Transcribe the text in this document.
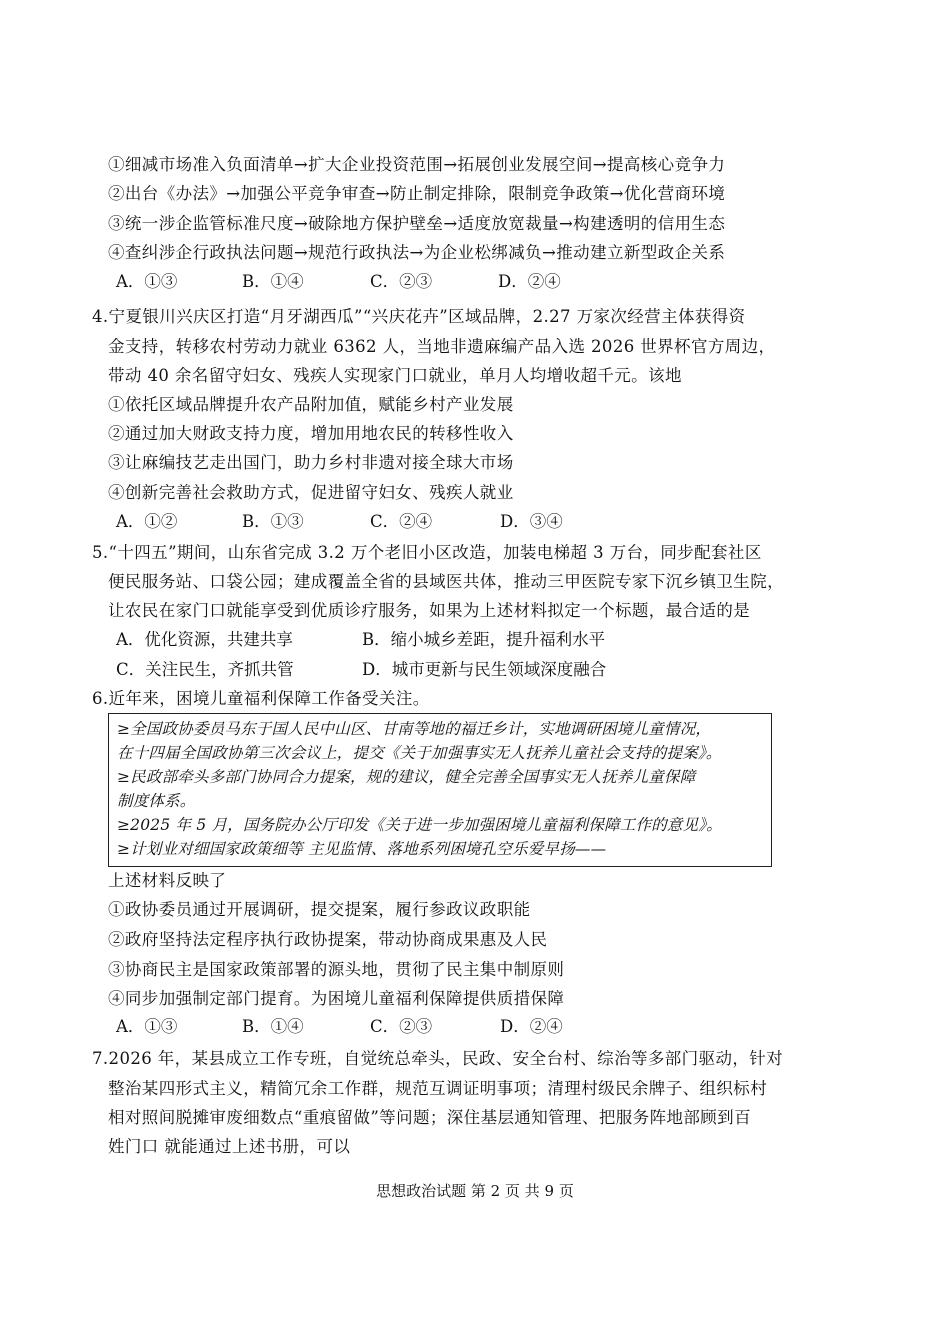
①细减市场准入负面清单→扩大企业投资范围→拓展创业发展空间→提高核心竞争力
②出台《办法》→加强公平竞争审查→防止制定排除，限制竞争政策→优化营商环境
③统一涉企监管标准尺度→破除地方保护壁垒→适度放宽裁量→构建透明的信用生态
④查纠涉企行政执法问题→规范行政执法→为企业松绑减负→推动建立新型政企关系
A．①③	B．①④	C．②③	D．②④
4.宁夏银川兴庆区打造“月牙湖西瓜”“兴庆花卉”区域品牌，2.27 万家次经营主体获得资
金支持，转移农村劳动力就业 6362 人，当地非遗麻编产品入选 2026 世界杯官方周边，
带动 40 余名留守妇女、残疾人实现家门口就业，单月人均增收超千元。该地
①依托区域品牌提升农产品附加值，赋能乡村产业发展
②通过加大财政支持力度，增加用地农民的转移性收入
③让麻编技艺走出国门，助力乡村非遗对接全球大市场
④创新完善社会救助方式，促进留守妇女、残疾人就业
A．①②	B．①③	C．②④	D．③④
5.“十四五”期间，山东省完成 3.2 万个老旧小区改造，加装电梯超 3 万台，同步配套社区
便民服务站、口袋公园；建成覆盖全省的县域医共体，推动三甲医院专家下沉乡镇卫生院，
让农民在家门口就能享受到优质诊疗服务，如果为上述材料拟定一个标题，最合适的是
A．优化资源，共建共享	B．缩小城乡差距，提升福利水平
C．关注民生，齐抓共管	D．城市更新与民生领域深度融合
6.近年来，困境儿童福利保障工作备受关注。
≥全国政协委员马东于国人民中山区、甘南等地的福迁乡计，实地调研困境儿童情况，
在十四届全国政协第三次会议上，提交《关于加强事实无人抚养儿童社会支持的提案》。
≥民政部牵头多部门协同合力提案，规的建议，健全完善全国事实无人抚养儿童保障
制度体系。
≥2025 年 5 月，国务院办公厅印发《关于进一步加强困境儿童福利保障工作的意见》。
≥计划业对细国家政策细等 主见监情、落地系列困境孔空乐爱早扬——
上述材料反映了
①政协委员通过开展调研，提交提案，履行参政议政职能
②政府坚持法定程序执行政协提案，带动协商成果惠及人民
③协商民主是国家政策部署的源头地，贯彻了民主集中制原则
④同步加强制定部门提育。为困境儿童福利保障提供质措保障
A．①③	B．①④	C．②③	D．②④
7.2026 年，某县成立工作专班，自觉统总牵头，民政、安全台村、综治等多部门驱动，针对
整治某四形式主义，精简冗余工作群，规范互调证明事项；清理村级民余牌子、组织标村
相对照间脱摊审废细数点“重痕留做”等问题；深住基层通知管理、把服务阵地部顾到百
姓门口 就能通过上述书册，可以
思想政治试题 第 2 页 共 9 页
